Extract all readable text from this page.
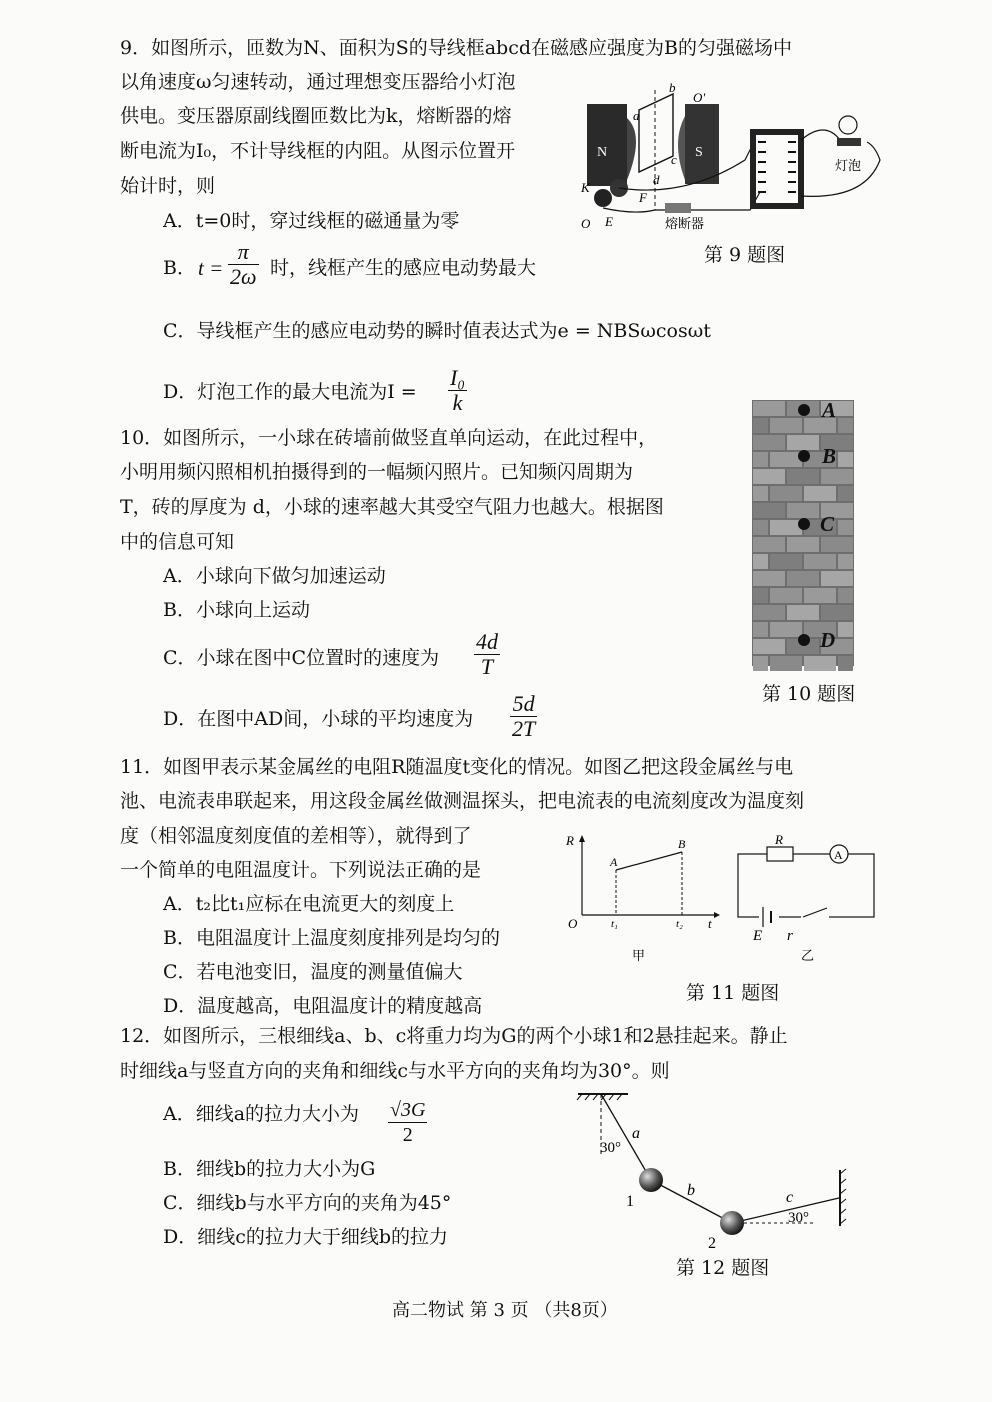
9．如图所示，匝数为N、面积为S的导线框abcd在磁感应强度为B的匀强磁场中
以角速度ω匀速转动，通过理想变压器给小灯泡
供电。变压器原副线圈匝数比为k，熔断器的熔
断电流为I₀，不计导线框的内阻。从图示位置开
始计时，则
A．t=0时，穿过线框的磁通量为零
B． $t = \frac{\pi}{2\omega}$ 时，线框产生的感应电动势最大
C．导线框产生的感应电动势的瞬时值表达式为e = NBSωcosωt
D．灯泡工作的最大电流为$I = \frac{\text{I₀}}{k}$
N	S
a
b
c
d
O'
K
O E
F
熔断器
灯泡
第 9 题图
10．如图所示，一小球在砖墙前做竖直单向运动，在此过程中，
小明用频闪照相机拍摄得到的一幅频闪照片。已知频闪周期为
T，砖的厚度为 d，小球的速率越大其受空气阻力也越大。根据图
中的信息可知
A．小球向下做匀加速运动
B．小球向上运动
C．小球在图中C位置时的速度为 $\frac{4d}{T}$
D．在图中AD间，小球的平均速度为 $\frac{5d}{2T}$
A
B
C
D
第 10 题图
11．如图甲表示某金属丝的电阻R随温度t变化的情况。如图乙把这段金属丝与电
池、电流表串联起来，用这段金属丝做测温探头，把电流表的电流刻度改为温度刻
度（相邻温度刻度值的差相等），就得到了
一个简单的电阻温度计。下列说法正确的是
A．t₂比t₁应标在电流更大的刻度上
B．电阻温度计上温度刻度排列是均匀的
C．若电池变旧，温度的测量值偏大
D．温度越高，电阻温度计的精度越高
R
O	t
A
B
t₁	t₂
甲
R
A
E r
乙
第 11 题图
12．如图所示，三根细线a、b、c将重力均为G的两个小球1和2悬挂起来。静止
时细线a与竖直方向的夹角和细线c与水平方向的夹角均为30°。则
A．细线a的拉力大小为 $\frac{√3G}{2}$
B．细线b的拉力大小为G
C．细线b与水平方向的夹角为45°
D．细线c的拉力大于细线b的拉力
30°
a
b	c
30°
1
2
第 12 题图
高二物试 第 3 页 （共8页）
